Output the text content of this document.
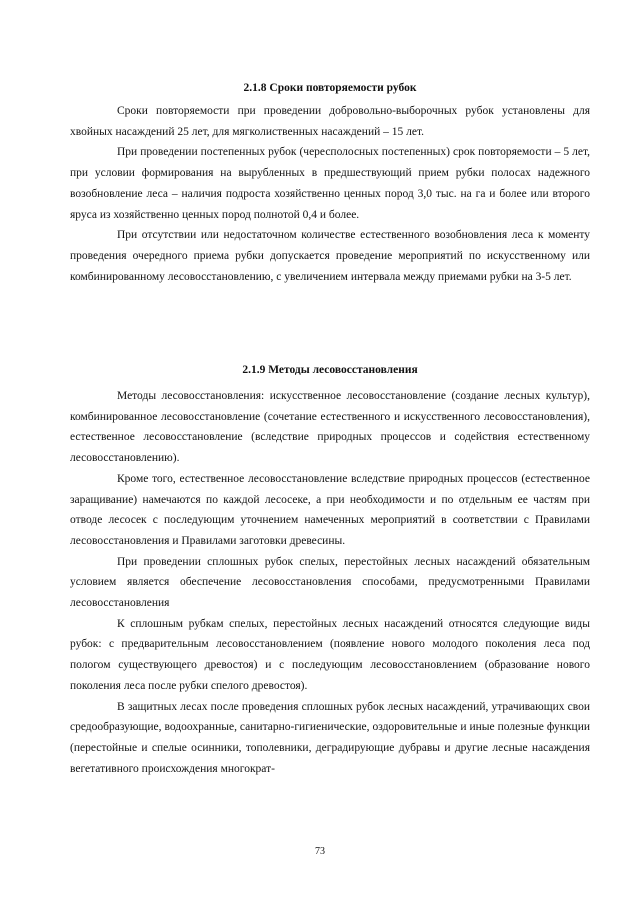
2.1.8 Сроки повторяемости рубок

Сроки повторяемости при проведении добровольно-выборочных рубок установлены для хвойных насаждений 25 лет, для мягколиственных насаждений – 15 лет.

При проведении постепенных рубок (чересполосных постепенных) срок повторяемости – 5 лет, при условии формирования на вырубленных в предшествующий прием рубки полосах надежного возобновление леса – наличия подроста хозяйственно ценных пород 3,0 тыс. на га и более или второго яруса из хозяйственно ценных пород полнотой 0,4 и более.

При отсутствии или недостаточном количестве естественного возобновления леса к моменту проведения очередного приема рубки допускается проведение мероприятий по искусственному или комбинированному лесовосстановлению, с увеличением интервала между приемами рубки на 3-5 лет.

2.1.9 Методы лесовосстановления

Методы лесовосстановления: искусственное лесовосстановление (создание лесных культур), комбинированное лесовосстановление (сочетание естественного и искусственного лесовосстановления), естественное лесовосстановление (вследствие природных процессов и содействия естественному лесовосстановлению).

Кроме того, естественное лесовосстановление вследствие природных процессов (естественное заращивание) намечаются по каждой лесосеке, а при необходимости и по отдельным ее частям при отводе лесосек с последующим уточнением намеченных мероприятий в соответствии с Правилами лесовосстановления и Правилами заготовки древесины.

При проведении сплошных рубок спелых, перестойных лесных насаждений обязательным условием является обеспечение лесовосстановления способами, предусмотренными Правилами лесовосстановления

К сплошным рубкам спелых, перестойных лесных насаждений относятся следующие виды рубок: с предварительным лесовосстановлением (появление нового молодого поколения леса под пологом существующего древостоя) и с последующим лесовосстановлением (образование нового поколения леса после рубки спелого древостоя).

В защитных лесах после проведения сплошных рубок лесных насаждений, утрачивающих свои средообразующие, водоохранные, санитарно-гигиенические, оздоровительные и иные полезные функции (перестойные и спелые осинники, тополевники, деградирующие дубравы и другие лесные насаждения вегетативного происхождения многократ-

73
